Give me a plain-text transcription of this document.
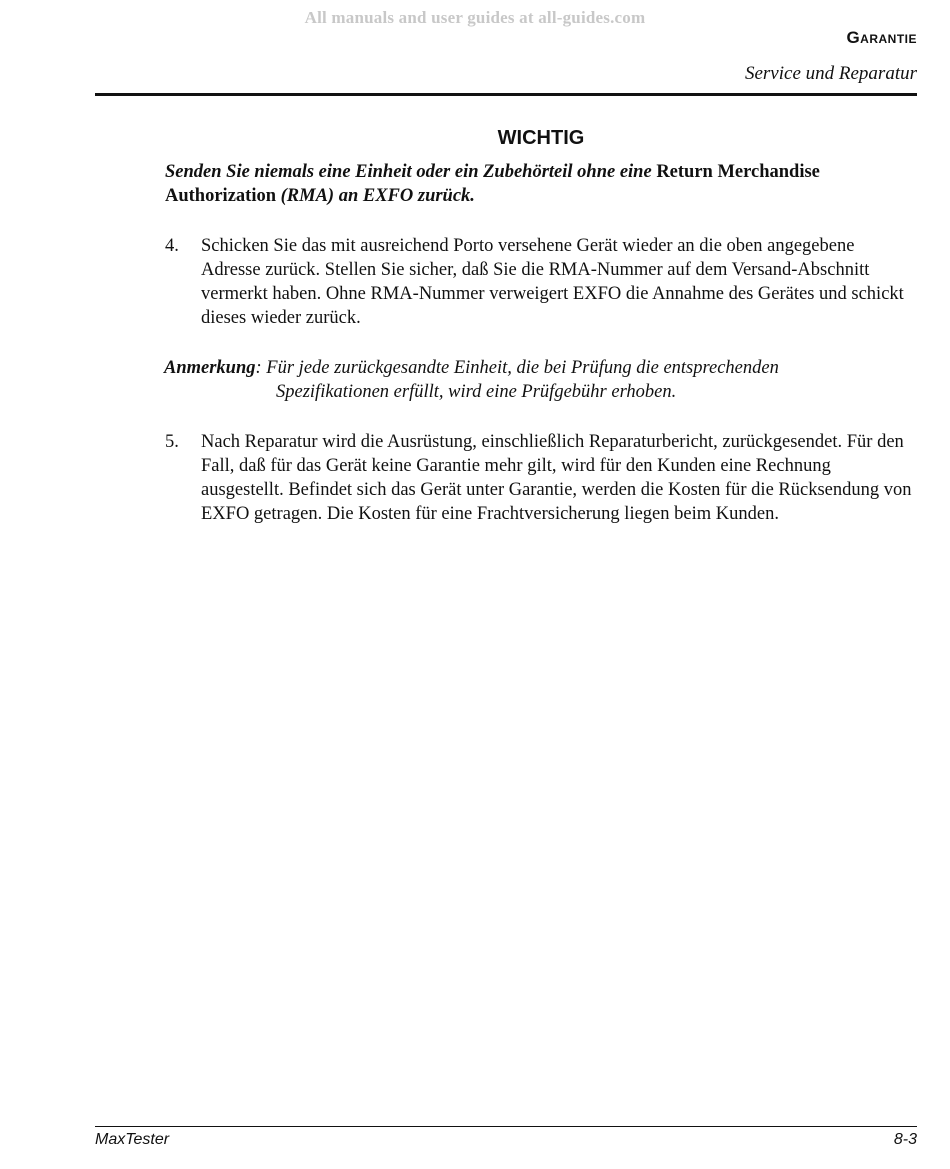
All manuals and user guides at all-guides.com
Garantie
Service und Reparatur
WICHTIG

Senden Sie niemals eine Einheit oder ein Zubehörteil ohne eine Return Merchandise Authorization (RMA) an EXFO zurück.

4. Schicken Sie das mit ausreichend Porto versehene Gerät wieder an die oben angegebene Adresse zurück. Stellen Sie sicher, daß Sie die RMA-Nummer auf dem Versand-Abschnitt vermerkt haben. Ohne RMA-Nummer verweigert EXFO die Annahme des Gerätes und schickt dieses wieder zurück.
Anmerkung: Für jede zurückgesandte Einheit, die bei Prüfung die entsprechenden
Spezifikationen erfüllt, wird eine Prüfgebühr erhoben.
5. Nach Reparatur wird die Ausrüstung, einschließlich Reparaturbericht, zurückgesendet. Für den Fall, daß für das Gerät keine Garantie mehr gilt, wird für den Kunden eine Rechnung ausgestellt. Befindet sich das Gerät unter Garantie, werden die Kosten für die Rücksendung von EXFO getragen. Die Kosten für eine Frachtversicherung liegen beim Kunden.
MaxTester	8-3
